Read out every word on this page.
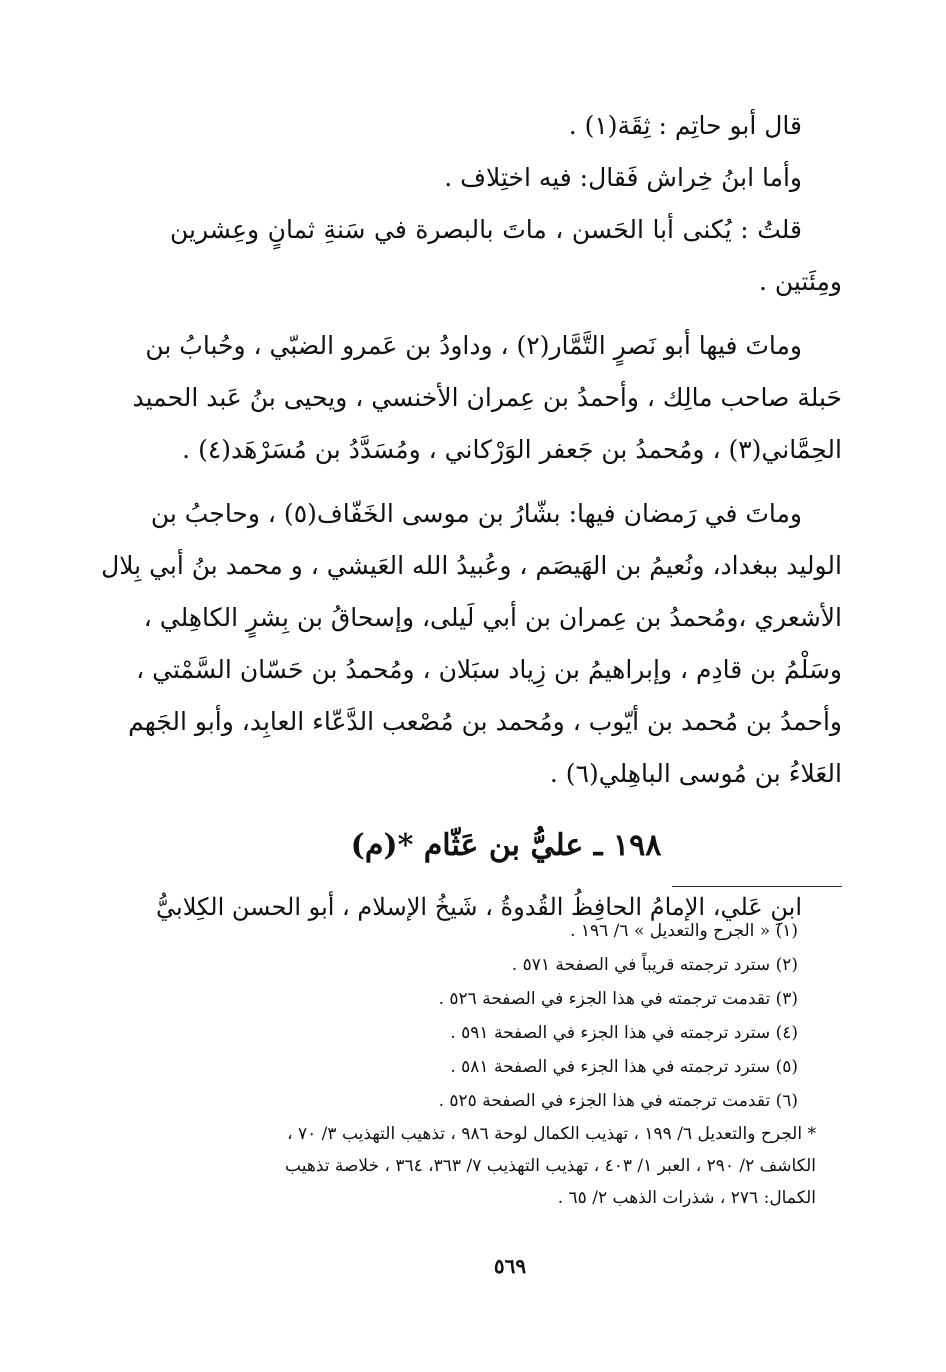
قال أبو حاتِم : ثِقَة(١) .
وأما ابنُ خِراش فَقال: فيه اختِلاف .
قلتُ : يُكنى أبا الحَسن ، ماتَ بالبصرة في سَنةِ ثمانٍ وعِشرين
ومِئَتين .
وماتَ فيها أبو نَصرٍ التَّمَّار(٢) ، وداودُ بن عَمرو الضبّي ، وحُبابُ بن
حَبلة صاحب مالِك ، وأحمدُ بن عِمران الأخنسي ، ويحيى بنُ عَبد الحميد
الحِمَّاني(٣) ، ومُحمدُ بن جَعفر الوَرْكاني ، ومُسَدَّدُ بن مُسَرْهَد(٤) .
وماتَ في رَمضان فيها: بشّارُ بن موسى الخَفّاف(٥) ، وحاجبُ بن
الوليد ببغداد، ونُعيمُ بن الهَيصَم ، وعُبيدُ الله العَيشي ، و محمد بنُ أبي بِلال
الأشعري ،ومُحمدُ بن عِمران بن أبي لَيلى، وإسحاقُ بن بِشرٍ الكاهِلي ،
وسَلْمُ بن قادِم ، وإبراهيمُ بن زِياد سبَلان ، ومُحمدُ بن حَسّان السَّمْتي ،
وأحمدُ بن مُحمد بن أيّوب ، ومُحمد بن مُصْعب الدَّعّاء العابِد، وأبو الجَهم
العَلاءُ بن مُوسى الباهِلي(٦) .
١٩٨ ـ عليُّ بن عَثّام *(م)
ابنِ عَلي، الإمامُ الحافِظُ القُدوةُ ، شَيخُ الإسلام ، أبو الحسن الكِلابيُّ
(١) « الجرح والتعديل » ٦/ ١٩٦ .
(٢) سترد ترجمته قريباً في الصفحة ٥٧١ .
(٣) تقدمت ترجمته في هذا الجزء في الصفحة ٥٢٦ .
(٤) سترد ترجمته في هذا الجزء في الصفحة ٥٩١ .
(٥) سترد ترجمته في هذا الجزء في الصفحة ٥٨١ .
(٦) تقدمت ترجمته في هذا الجزء في الصفحة ٥٢٥ .
* الجرح والتعديل ٦/ ١٩٩ ، تهذيب الكمال لوحة ٩٨٦ ، تذهيب التهذيب ٣/ ٧٠ ،
الكاشف ٢/ ٢٩٠ ، العبر ١/ ٤٠٣ ، تهذيب التهذيب ٧/ ٣٦٣، ٣٦٤ ، خلاصة تذهيب
الكمال: ٢٧٦ ، شذرات الذهب ٢/ ٦٥ .
٥٦٩
